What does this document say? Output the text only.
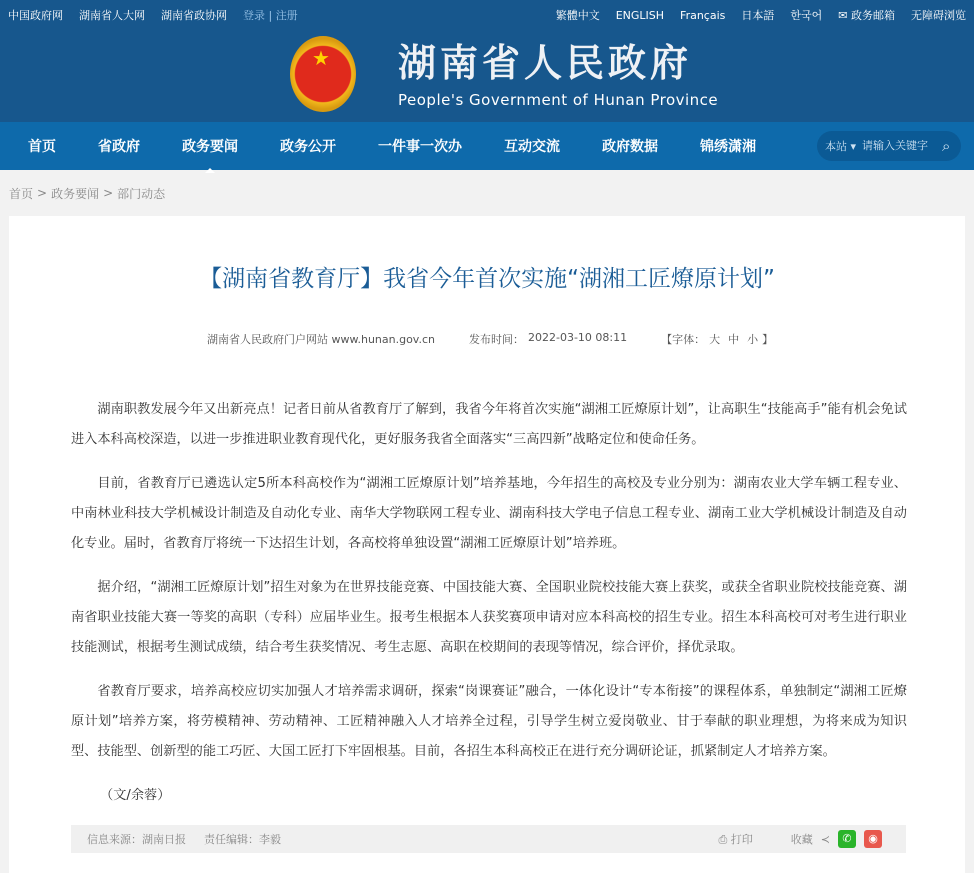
中国政府网 湖南省人大网 湖南省政协网 登录 | 注册	繁體中文 ENGLISH Français 日本語 한국어 ✉ 政务邮箱 无障碍浏览
★ 湖南省人民政府
People's Government of Hunan Province
首页	省政府	政务要闻	政务公开	一件事一次办	互动交流	政府数据	锦绣潇湘	本站 ▾
请输入关键字	⌕
首页 > 政务要闻 > 部门动态
【湖南省教育厅】我省今年首次实施“湖湘工匠燎原计划”
湖南省人民政府门户网站 www.hunan.gov.cn	发布时间： 2022-03-10 08:11	【字体： 大 中 小 】

湖南职教发展今年又出新亮点！记者日前从省教育厅了解到，我省今年将首次实施“湖湘工匠燎原计划”，让高职生“技能高手”能有机会免试进入本科高校深造，以进一步推进职业教育现代化，更好服务我省全面落实“三高四新”战略定位和使命任务。

目前，省教育厅已遴选认定5所本科高校作为“湖湘工匠燎原计划”培养基地，今年招生的高校及专业分别为：湖南农业大学车辆工程专业、中南林业科技大学机械设计制造及自动化专业、南华大学物联网工程专业、湖南科技大学电子信息工程专业、湖南工业大学机械设计制造及自动化专业。届时，省教育厅将统一下达招生计划，各高校将单独设置“湖湘工匠燎原计划”培养班。

据介绍，“湖湘工匠燎原计划”招生对象为在世界技能竞赛、中国技能大赛、全国职业院校技能大赛上获奖，或获全省职业院校技能竞赛、湖南省职业技能大赛一等奖的高职（专科）应届毕业生。报考生根据本人获奖赛项申请对应本科高校的招生专业。招生本科高校可对考生进行职业技能测试，根据考生测试成绩，结合考生获奖情况、考生志愿、高职在校期间的表现等情况，综合评价，择优录取。

省教育厅要求，培养高校应切实加强人才培养需求调研，探索“岗课赛证”融合，一体化设计“专本衔接”的课程体系，单独制定“湖湘工匠燎原计划”培养方案，将劳模精神、劳动精神、工匠精神融入人才培养全过程，引导学生树立爱岗敬业、甘于奉献的职业理想，为将来成为知识型、技能型、创新型的能工巧匠、大国工匠打下牢固根基。目前，各招生本科高校正在进行充分调研论证，抓紧制定人才培养方案。

（文/余蓉）

信息来源：湖南日报 责任编辑：李毅	⎙ 打印	收藏 ≺	✆	◉
